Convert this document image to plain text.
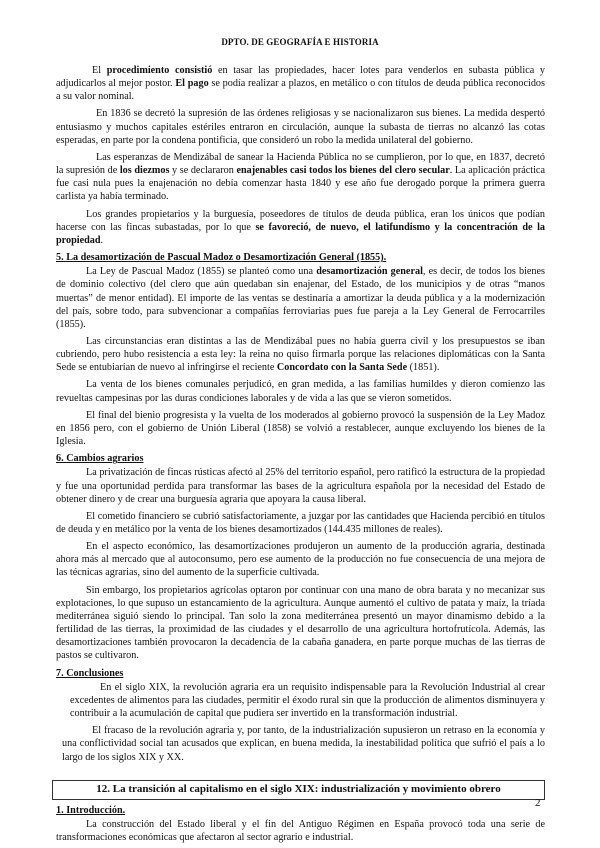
DPTO. DE GEOGRAFÍA E HISTORIA

El procedimiento consistió en tasar las propiedades, hacer lotes para venderlos en subasta pública y adjudicarlos al mejor postor. El pago se podía realizar a plazos, en metálico o con títulos de deuda pública reconocidos a su valor nominal.

En 1836 se decretó la supresión de las órdenes religiosas y se nacionalizaron sus bienes. La medida despertó entusiasmo y muchos capitales estériles entraron en circulación, aunque la subasta de tierras no alcanzó las cotas esperadas, en parte por la condena pontificia, que consideró un robo la medida unilateral del gobierno.

Las esperanzas de Mendizábal de sanear la Hacienda Pública no se cumplieron, por lo que, en 1837, decretó la supresión de los diezmos y se declararon enajenables casi todos los bienes del clero secular. La aplicación práctica fue casi nula pues la enajenación no debía comenzar hasta 1840 y ese año fue derogado porque la primera guerra carlista ya había terminado.

Los grandes propietarios y la burguesía, poseedores de títulos de deuda pública, eran los únicos que podían hacerse con las fincas subastadas, por lo que se favoreció, de nuevo, el latifundismo y la concentración de la propiedad.

5. La desamortización de Pascual Madoz o Desamortización General (1855).

La Ley de Pascual Madoz (1855) se planteó como una desamortización general, es decir, de todos los bienes de dominio colectivo (del clero que aún quedaban sin enajenar, del Estado, de los municipios y de otras “manos muertas” de menor entidad). El importe de las ventas se destinaría a amortizar la deuda pública y a la modernización del país, sobre todo, para subvencionar a compañías ferroviarias pues fue pareja a la Ley General de Ferrocarriles (1855).

Las circunstancias eran distintas a las de Mendizábal pues no había guerra civil y los presupuestos se iban cubriendo, pero hubo resistencia a esta ley: la reina no quiso firmarla porque las relaciones diplomáticas con la Santa Sede se entubiarían de nuevo al infringirse el reciente Concordato con la Santa Sede (1851).

La venta de los bienes comunales perjudicó, en gran medida, a las familias humildes y dieron comienzo las revueltas campesinas por las duras condiciones laborales y de vida a las que se vieron sometidos.

El final del bienio progresista y la vuelta de los moderados al gobierno provocó la suspensión de la Ley Madoz en 1856 pero, con el gobierno de Unión Liberal (1858) se volvió a restablecer, aunque excluyendo los bienes de la Iglesia.

6. Cambios agrarios

La privatización de fincas rústicas afectó al 25% del territorio español, pero ratificó la estructura de la propiedad y fue una oportunidad perdida para transformar las bases de la agricultura española por la necesidad del Estado de obtener dinero y de crear una burguesía agraria que apoyara la causa liberal.

El cometido financiero se cubrió satisfactoriamente, a juzgar por las cantidades que Hacienda percibió en títulos de deuda y en metálico por la venta de los bienes desamortizados (144.435 millones de reales).

En el aspecto económico, las desamortizaciones produjeron un aumento de la producción agraria, destinada ahora más al mercado que al autoconsumo, pero ese aumento de la producción no fue consecuencia de una mejora de las técnicas agrarias, sino del aumento de la superficie cultivada.

Sin embargo, los propietarios agrícolas optaron por continuar con una mano de obra barata y no mecanizar sus explotaciones, lo que supuso un estancamiento de la agricultura. Aunque aumentó el cultivo de patata y maíz, la tríada mediterránea siguió siendo lo principal. Tan solo la zona mediterránea presentó un mayor dinamismo debido a la fertilidad de las tierras, la proximidad de las ciudades y el desarrollo de una agricultura hortofrutícola. Además, las desamortizaciones también provocaron la decadencia de la cabaña ganadera, en parte porque muchas de las tierras de pastos se cultivaron.

7. Conclusiones

En el siglo XIX, la revolución agraria era un requisito indispensable para la Revolución Industrial al crear excedentes de alimentos para las ciudades, permitir el éxodo rural sin que la producción de alimentos disminuyera y contribuir a la acumulación de capital que pudiera ser invertido en la transformación industrial.

El fracaso de la revolución agraria y, por tanto, de la industrialización supusieron un retraso en la economía y una conflictividad social tan acusados que explican, en buena medida, la inestabilidad política que sufrió el país a lo largo de los siglos XIX y XX.

12. La transición al capitalismo en el siglo XIX: industrialización y movimiento obrero
1. Introducción.

La construcción del Estado liberal y el fin del Antiguo Régimen en España provocó toda una serie de transformaciones económicas que afectaron al sector agrario e industrial.

2
